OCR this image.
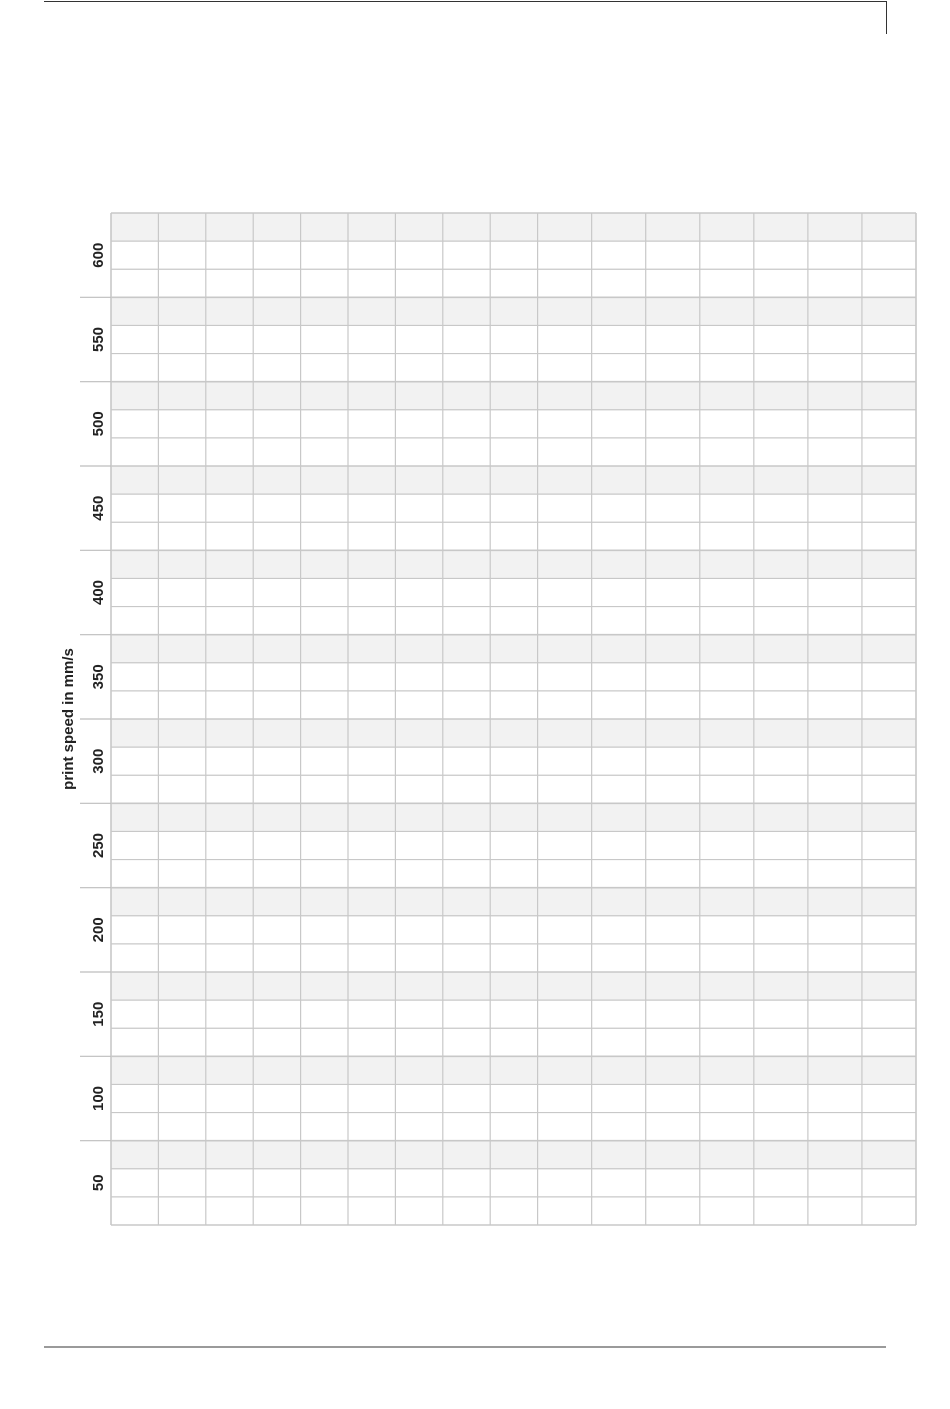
600
550
500
450
400
350
300
250
200
150
100
50
print speed in mm/s
